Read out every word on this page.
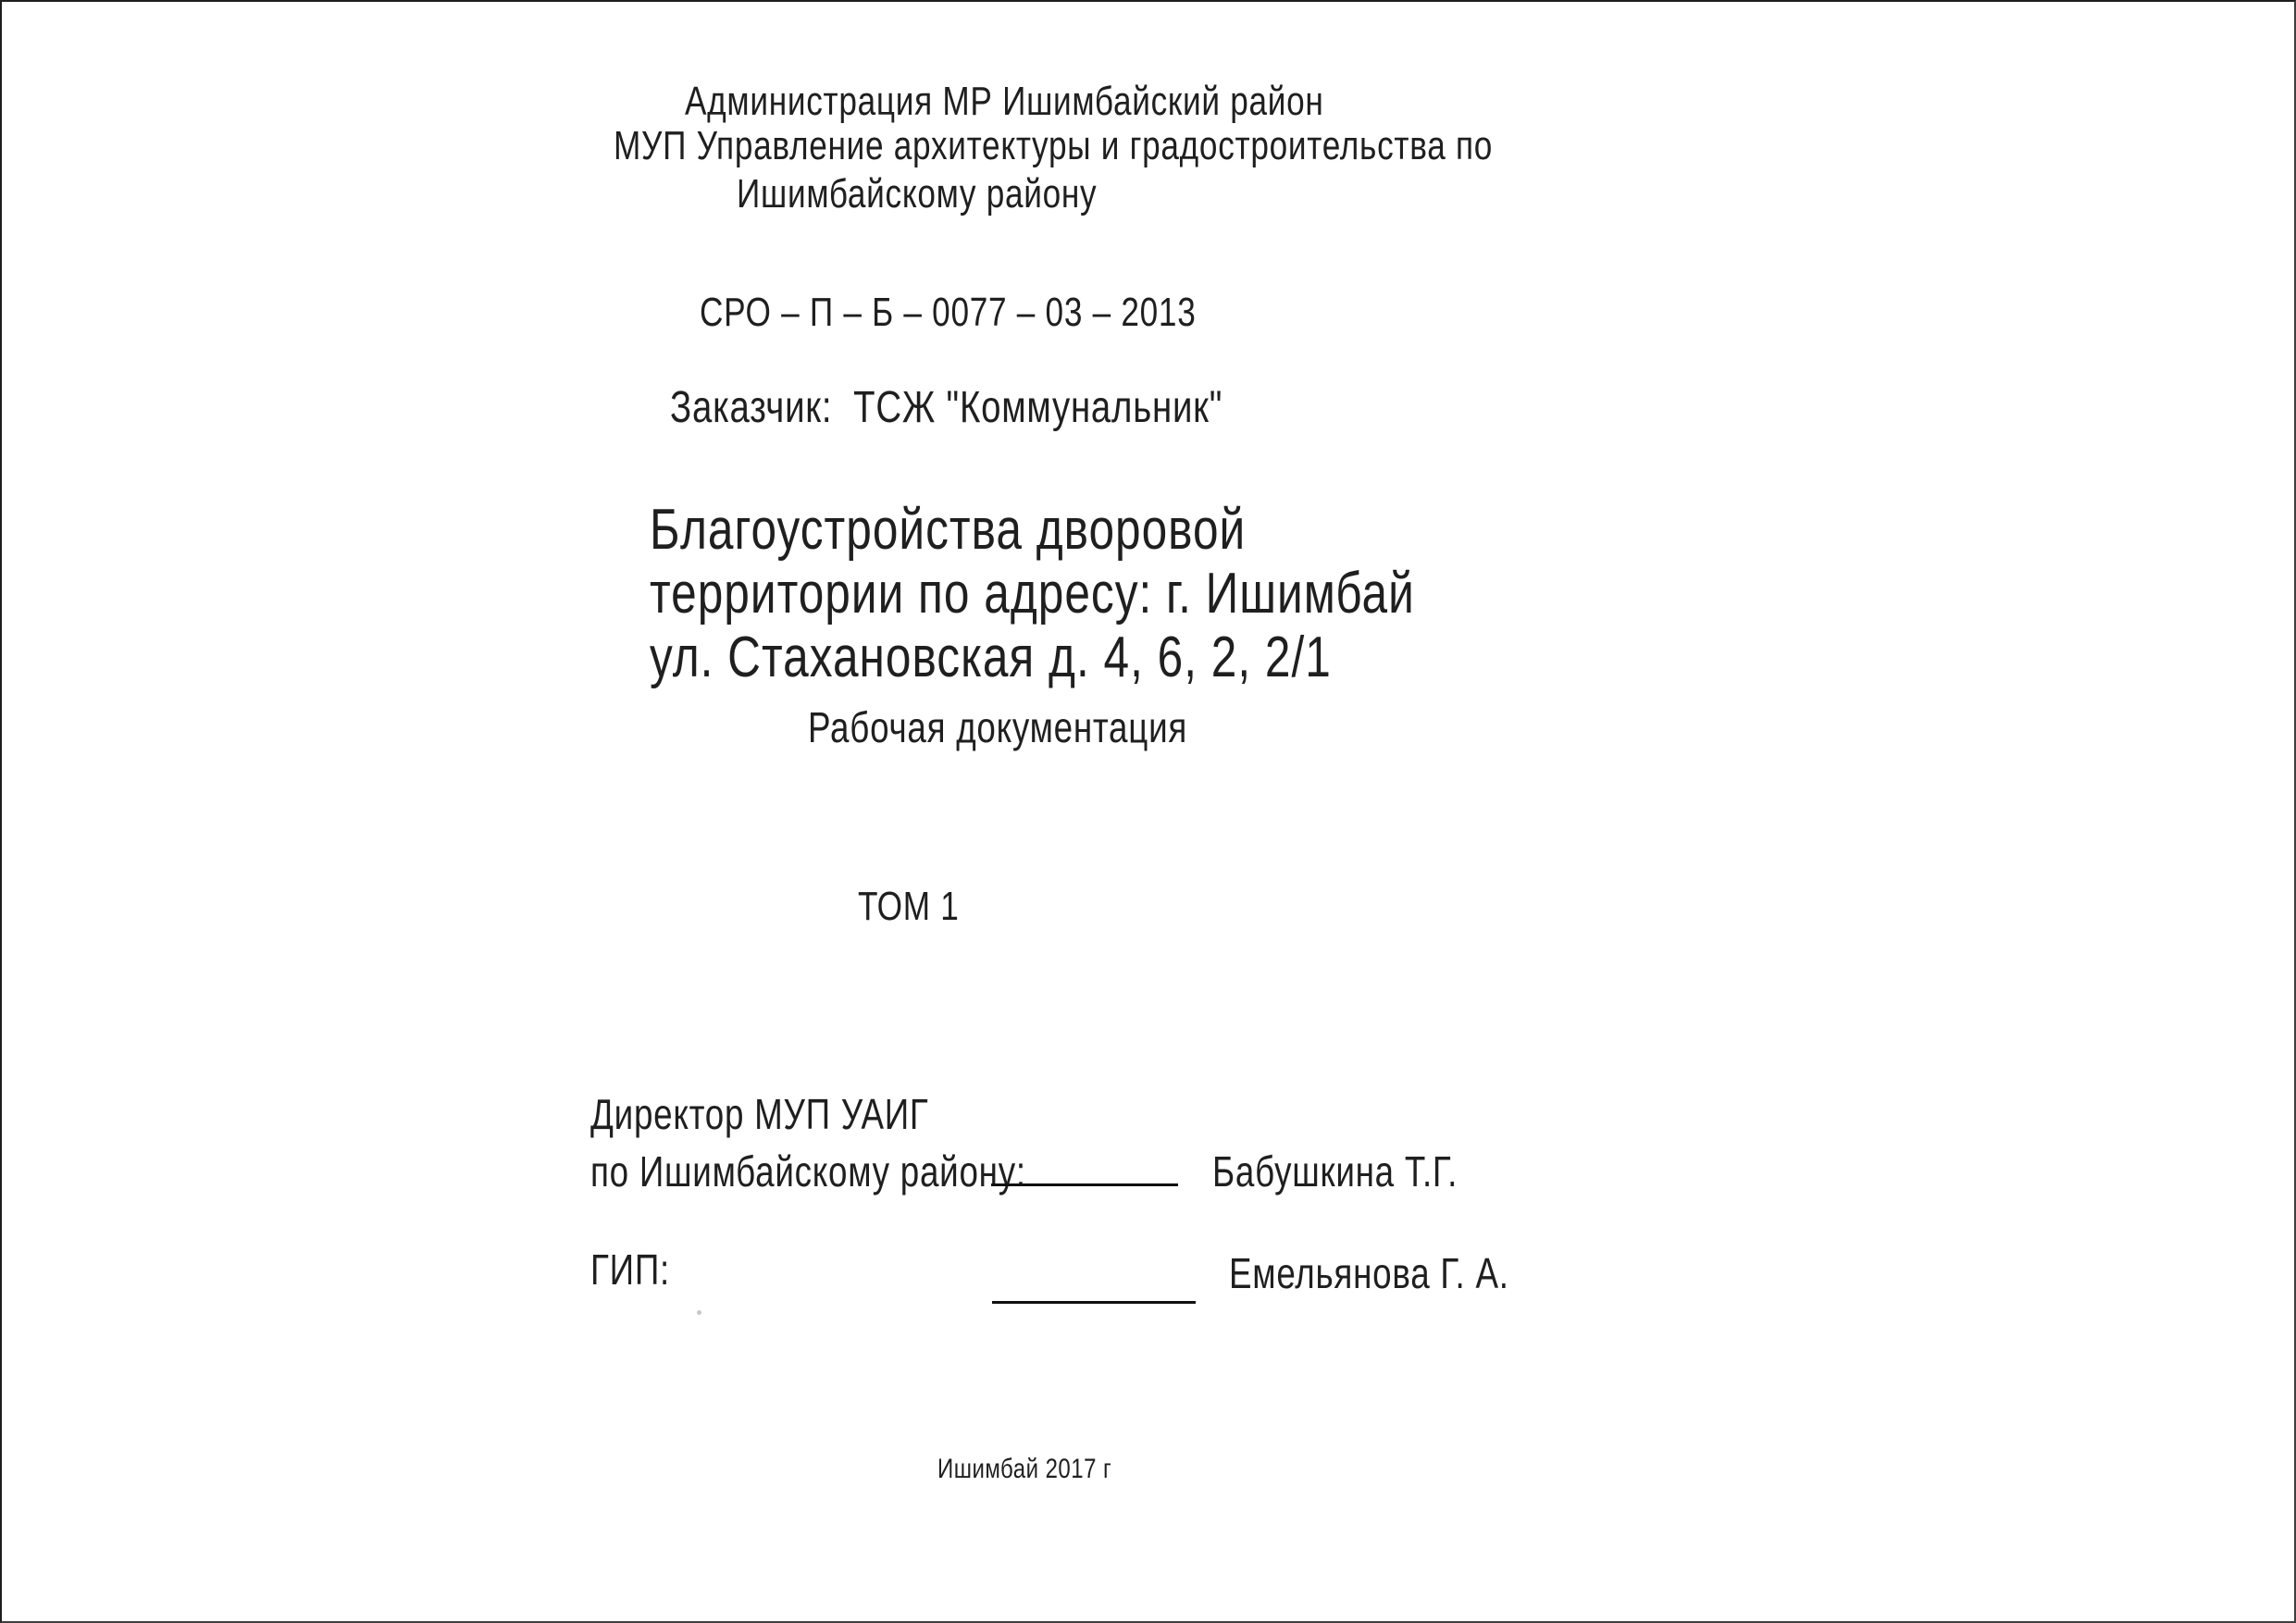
Администрация МР Ишимбайский район
МУП Управление архитектуры и градостроительства по
Ишимбайскому району
СРО – П – Б – 0077 – 03 – 2013
Заказчик:  ТСЖ "Коммунальник"
Благоустройства дворовой
территории по адресу: г. Ишимбай
ул. Стахановская д. 4, 6, 2, 2/1
Рабочая документация
ТОМ 1
Директор МУП УАИГ
по Ишимбайскому району:	Бабушкина Т.Г.
ГИП:	Емельянова Г. А.
Ишимбай 2017 г
